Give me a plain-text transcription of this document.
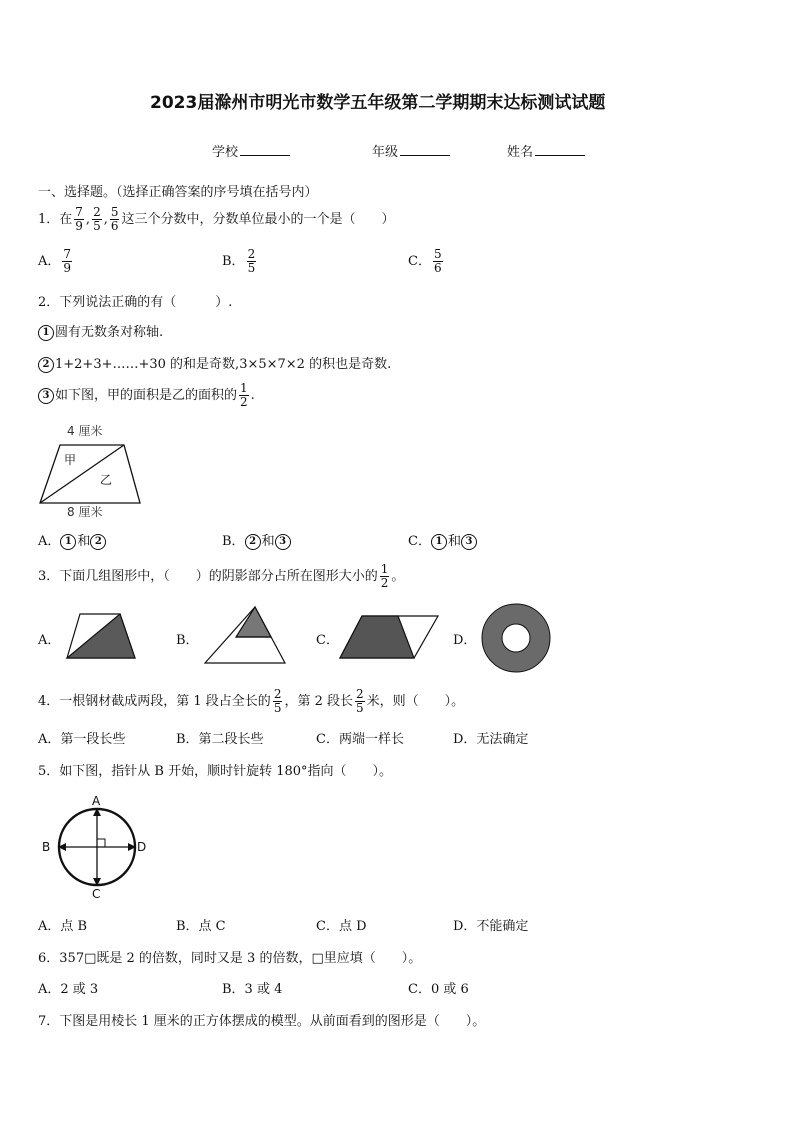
2023届滁州市明光市数学五年级第二学期期末达标测试试题
学校	年级	姓名
一、选择题。（选择正确答案的序号填在括号内）
1．在 $\frac{7}{9}$ , $\frac{2}{5}$ , $\frac{5}{6}$ 这三个分数中，分数单位最小的一个是（　　）
A． $\frac{7}{9}$	B． $\frac{2}{5}$	C． $\frac{5}{6}$
2．下列说法正确的有（　　　）.
1 圆有无数条对称轴.
2 1+2+3+……+30 的和是奇数,3×5×7×2 的积也是奇数.
3 如下图，甲的面积是乙的面积的 $\frac{1}{2}$ .
4 厘米
甲
乙
8 厘米
A． 1 和 2	B． 2 和 3	C． 1 和 3
3．下面几组图形中，（　　）的阴影部分占所在图形大小的 $\frac{1}{2}$ 。
A．	B．	C．	D．
4．一根钢材截成两段，第 1 段占全长的 $\frac{2}{5}$ ，第 2 段长 $\frac{2}{5}$ 米，则（　　）。
A．第一段长些	B．第二段长些	C．两端一样长	D．无法确定
5．如下图，指针从 B 开始，顺时针旋转 180°指向（　　）。
A
B
C
D
A．点 B	B．点 C	C．点 D	D．不能确定
6．357□既是 2 的倍数，同时又是 3 的倍数，□里应填（　　）。
A．2 或 3	B．3 或 4	C．0 或 6
7．下图是用棱长 1 厘米的正方体摆成的模型。从前面看到的图形是（　　）。
